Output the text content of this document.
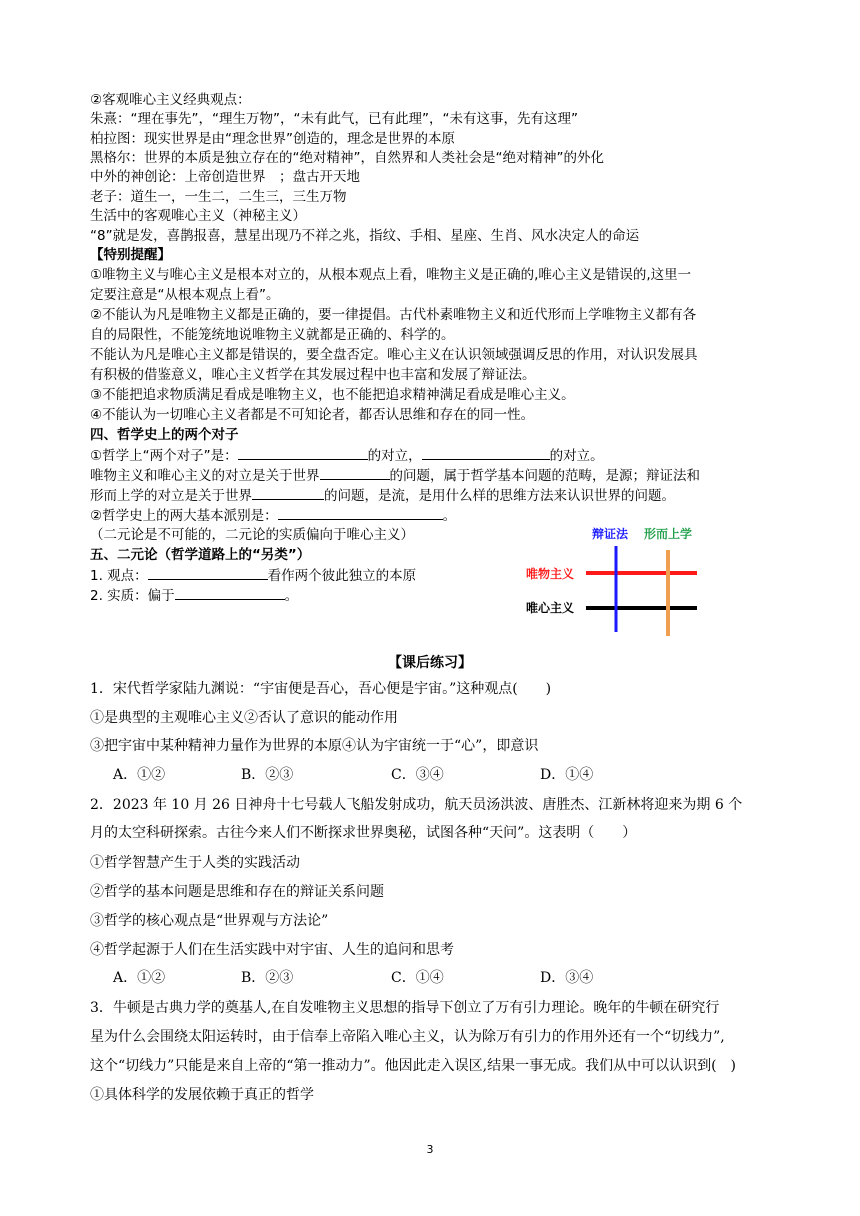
②客观唯心主义经典观点：
朱熹：“理在事先”，“理生万物”，“未有此气，已有此理”，“未有这事，先有这理”
柏拉图：现实世界是由“理念世界”创造的，理念是世界的本原
黑格尔：世界的本质是独立存在的“绝对精神”，自然界和人类社会是“绝对精神”的外化
中外的神创论：上帝创造世界　；盘古开天地
老子：道生一，一生二，二生三，三生万物
生活中的客观唯心主义（神秘主义）
“8”就是发，喜鹊报喜，慧星出现乃不祥之兆，指纹、手相、星座、生肖、风水决定人的命运
【特别提醒】
①唯物主义与唯心主义是根本对立的，从根本观点上看，唯物主义是正确的,唯心主义是错误的,这里一
定要注意是“从根本观点上看”。
②不能认为凡是唯物主义都是正确的，要一律提倡。古代朴素唯物主义和近代形而上学唯物主义都有各
自的局限性，不能笼统地说唯物主义就都是正确的、科学的。
不能认为凡是唯心主义都是错误的，要全盘否定。唯心主义在认识领域强调反思的作用，对认识发展具
有积极的借鉴意义，唯心主义哲学在其发展过程中也丰富和发展了辩证法。
③不能把追求物质满足看成是唯物主义，也不能把追求精神满足看成是唯心主义。
④不能认为一切唯心主义者都是不可知论者，都否认思维和存在的同一性。
四、哲学史上的两个对子
①哲学上“两个对子”是：	的对立，	的对立。
唯物主义和唯心主义的对立是关于世界	的问题，属于哲学基本问题的范畴，是源；辩证法和
形而上学的对立是关于世界	的问题，是流，是用什么样的思维方法来认识世界的问题。
②哲学史上的两大基本派别是：	。
（二元论是不可能的，二元论的实质偏向于唯心主义）
五、二元论（哲学道路上的“另类”）
1. 观点：	看作两个彼此独立的本原
2. 实质：偏于	。
辩证法 形而上学
唯物主义
唯心主义
【课后练习】
1．宋代哲学家陆九渊说：“宇宙便是吾心，吾心便是宇宙。”这种观点(　　)
①是典型的主观唯心主义②否认了意识的能动作用
③把宇宙中某种精神力量作为世界的本原④认为宇宙统一于“心”，即意识
A．①②	B．②③	C．③④	D．①④
2．2023 年 10 月 26 日神舟十七号载人飞船发射成功，航天员汤洪波、唐胜杰、江新林将迎来为期 6 个
月的太空科研探索。古往今来人们不断探求世界奥秘，试图各种“天问”。这表明（　　）
①哲学智慧产生于人类的实践活动
②哲学的基本问题是思维和存在的辩证关系问题
③哲学的核心观点是“世界观与方法论”
④哲学起源于人们在生活实践中对宇宙、人生的追问和思考
A．①②	B．②③	C．①④	D．③④
3．牛顿是古典力学的奠基人,在自发唯物主义思想的指导下创立了万有引力理论。晚年的牛顿在研究行
星为什么会围绕太阳运转时，由于信奉上帝陷入唯心主义，认为除万有引力的作用外还有一个“切线力”,
这个“切线力”只能是来自上帝的“第一推动力”。他因此走入误区,结果一事无成。我们从中可以认识到(　)
①具体科学的发展依赖于真正的哲学
3
